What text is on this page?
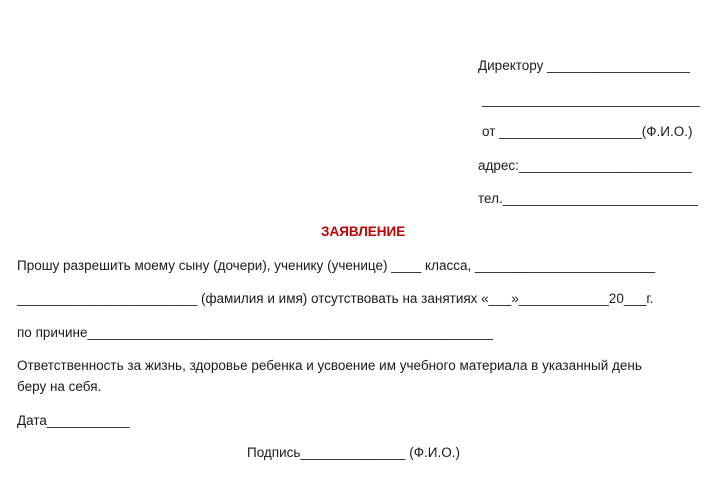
Директору ___________________
_____________________________
от ___________________(Ф.И.О.)
адрес:_______________________
тел.__________________________
ЗАЯВЛЕНИЕ
Прошу разрешить моему сыну (дочери), ученику (ученице) ____ класса, ________________________
________________________ (фамилия и имя) отсутствовать на занятиях «___»____________20___г.
по причине______________________________________________________
Ответственность за жизнь, здоровье ребенка и усвоение им учебного материала в указанный день
беру на себя.
Дата___________
Подпись______________ (Ф.И.О.)
